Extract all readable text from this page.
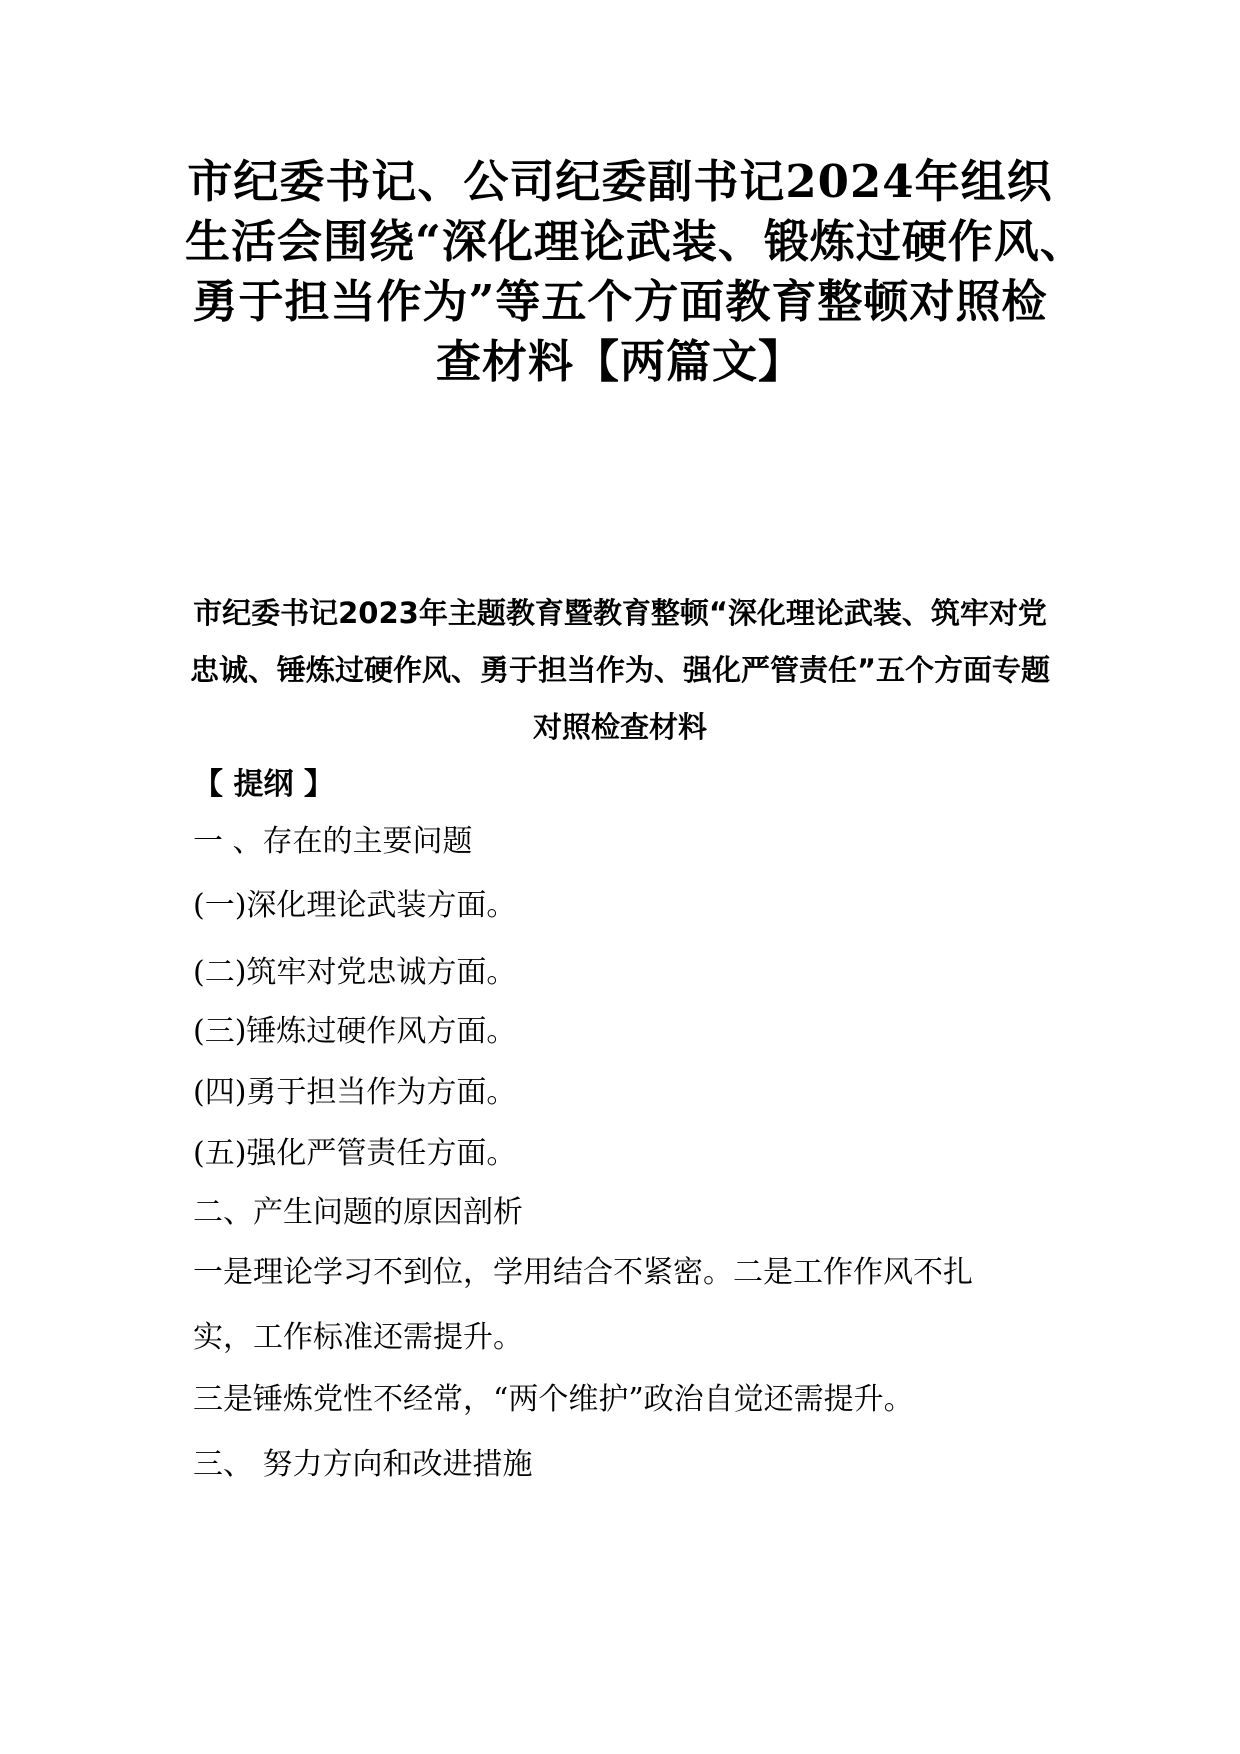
市纪委书记、公司纪委副书记2024年组织
生活会围绕“深化理论武装、锻炼过硬作风、
勇于担当作为”等五个方面教育整顿对照检
查材料【两篇文】
市纪委书记2023年主题教育暨教育整顿“深化理论武装、筑牢对党
忠诚、锤炼过硬作风、勇于担当作为、强化严管责任”五个方面专题
对照检查材料

【 提纲 】

一 、存在的主要问题

(一)深化理论武装方面。

(二)筑牢对党忠诚方面。

(三)锤炼过硬作风方面。

(四)勇于担当作为方面。

(五)强化严管责任方面。

二、产生问题的原因剖析

一是理论学习不到位，学用结合不紧密。二是工作作风不扎

实，工作标准还需提升。

三是锤炼党性不经常，“两个维护”政治自觉还需提升。

三、 努力方向和改进措施
